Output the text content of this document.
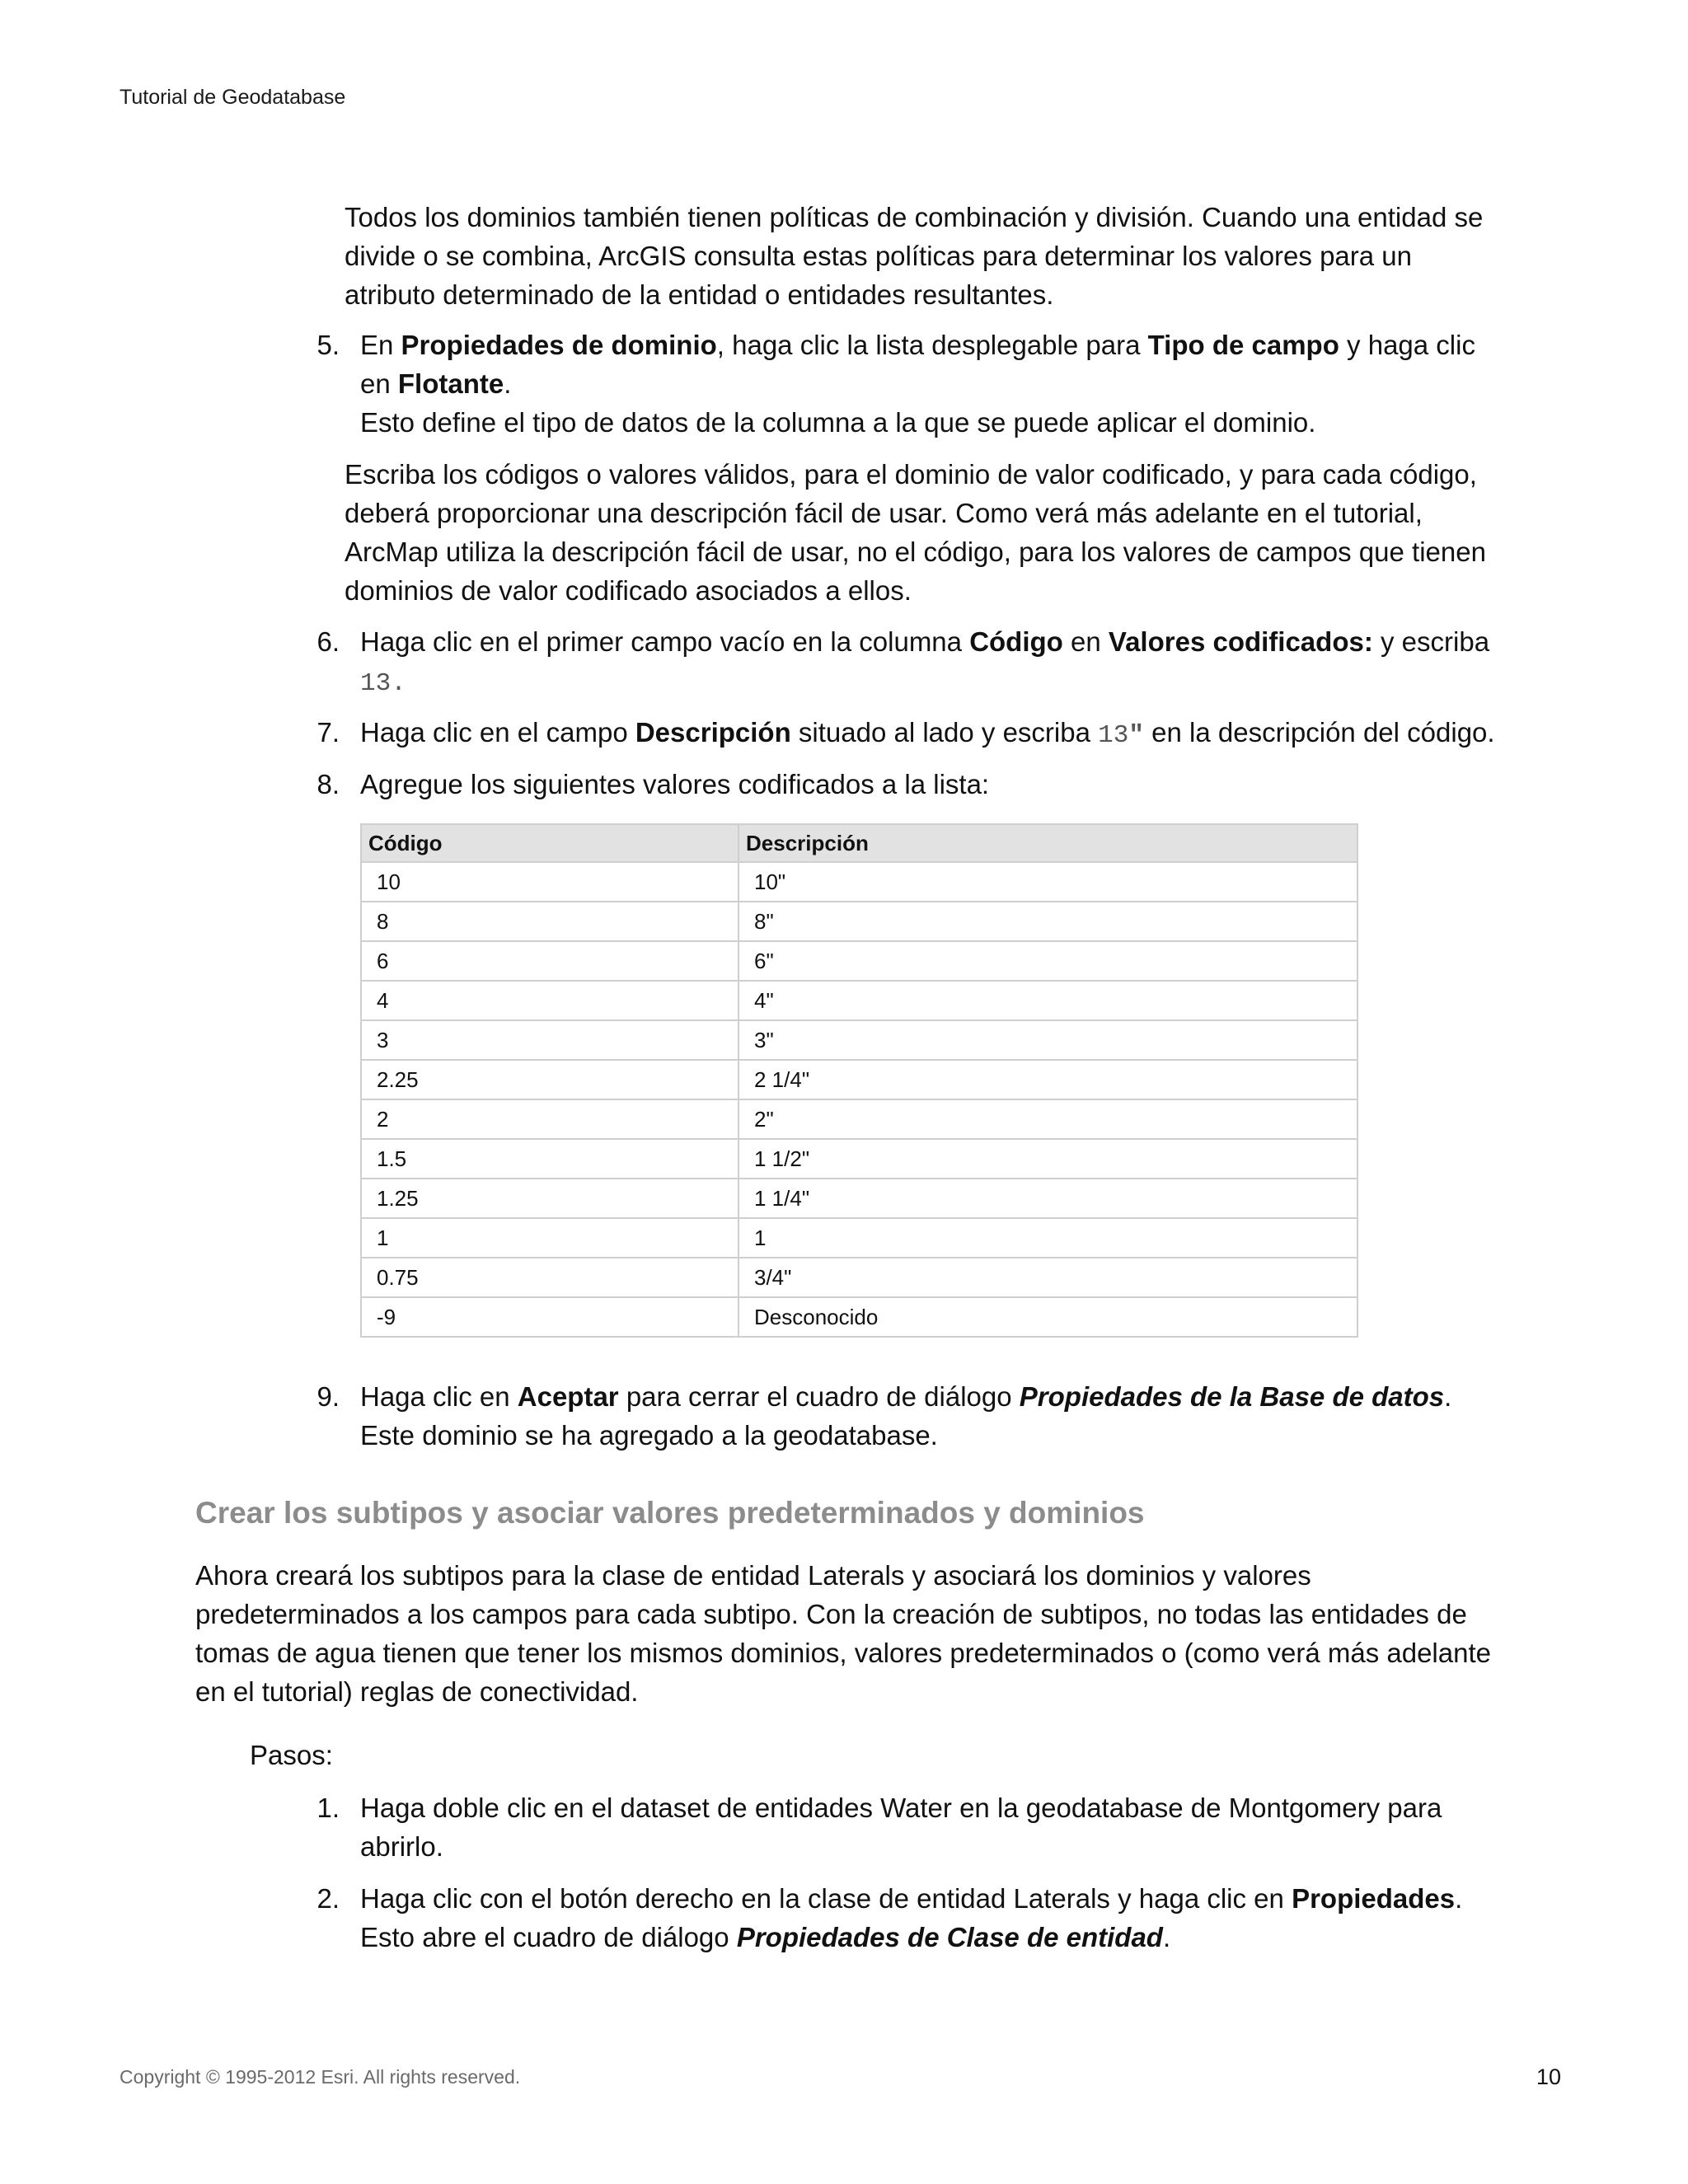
Tutorial de Geodatabase

Todos los dominios también tienen políticas de combinación y división. Cuando una entidad se

divide o se combina, ArcGIS consulta estas políticas para determinar los valores para un

atributo determinado de la entidad o entidades resultantes.

5. En Propiedades de dominio, haga clic la lista desplegable para Tipo de campo y haga clic

en Flotante.

Esto define el tipo de datos de la columna a la que se puede aplicar el dominio.

Escriba los códigos o valores válidos, para el dominio de valor codificado, y para cada código,

deberá proporcionar una descripción fácil de usar. Como verá más adelante en el tutorial,

ArcMap utiliza la descripción fácil de usar, no el código, para los valores de campos que tienen

dominios de valor codificado asociados a ellos.

6. Haga clic en el primer campo vacío en la columna Código en Valores codificados: y escriba

13.

7. Haga clic en el campo Descripción situado al lado y escriba 13" en la descripción del código.

8. Agregue los siguientes valores codificados a la lista:

Código	Descripción
10	10"
8	8"
6	6"
4	4"
3	3"
2.25	2 1/4"
2	2"
1.5	1 1/2"
1.25	1 1/4"
1	1
0.75	3/4"
-9	Desconocido
9. Haga clic en Aceptar para cerrar el cuadro de diálogo Propiedades de la Base de datos.

Este dominio se ha agregado a la geodatabase.

Crear los subtipos y asociar valores predeterminados y dominios

Ahora creará los subtipos para la clase de entidad Laterals y asociará los dominios y valores

predeterminados a los campos para cada subtipo. Con la creación de subtipos, no todas las entidades de

tomas de agua tienen que tener los mismos dominios, valores predeterminados o (como verá más adelante

en el tutorial) reglas de conectividad.

Pasos:
1. Haga doble clic en el dataset de entidades Water en la geodatabase de Montgomery para

abrirlo.

2. Haga clic con el botón derecho en la clase de entidad Laterals y haga clic en Propiedades.

Esto abre el cuadro de diálogo Propiedades de Clase de entidad.

Copyright © 1995-2012 Esri. All rights reserved.	10
